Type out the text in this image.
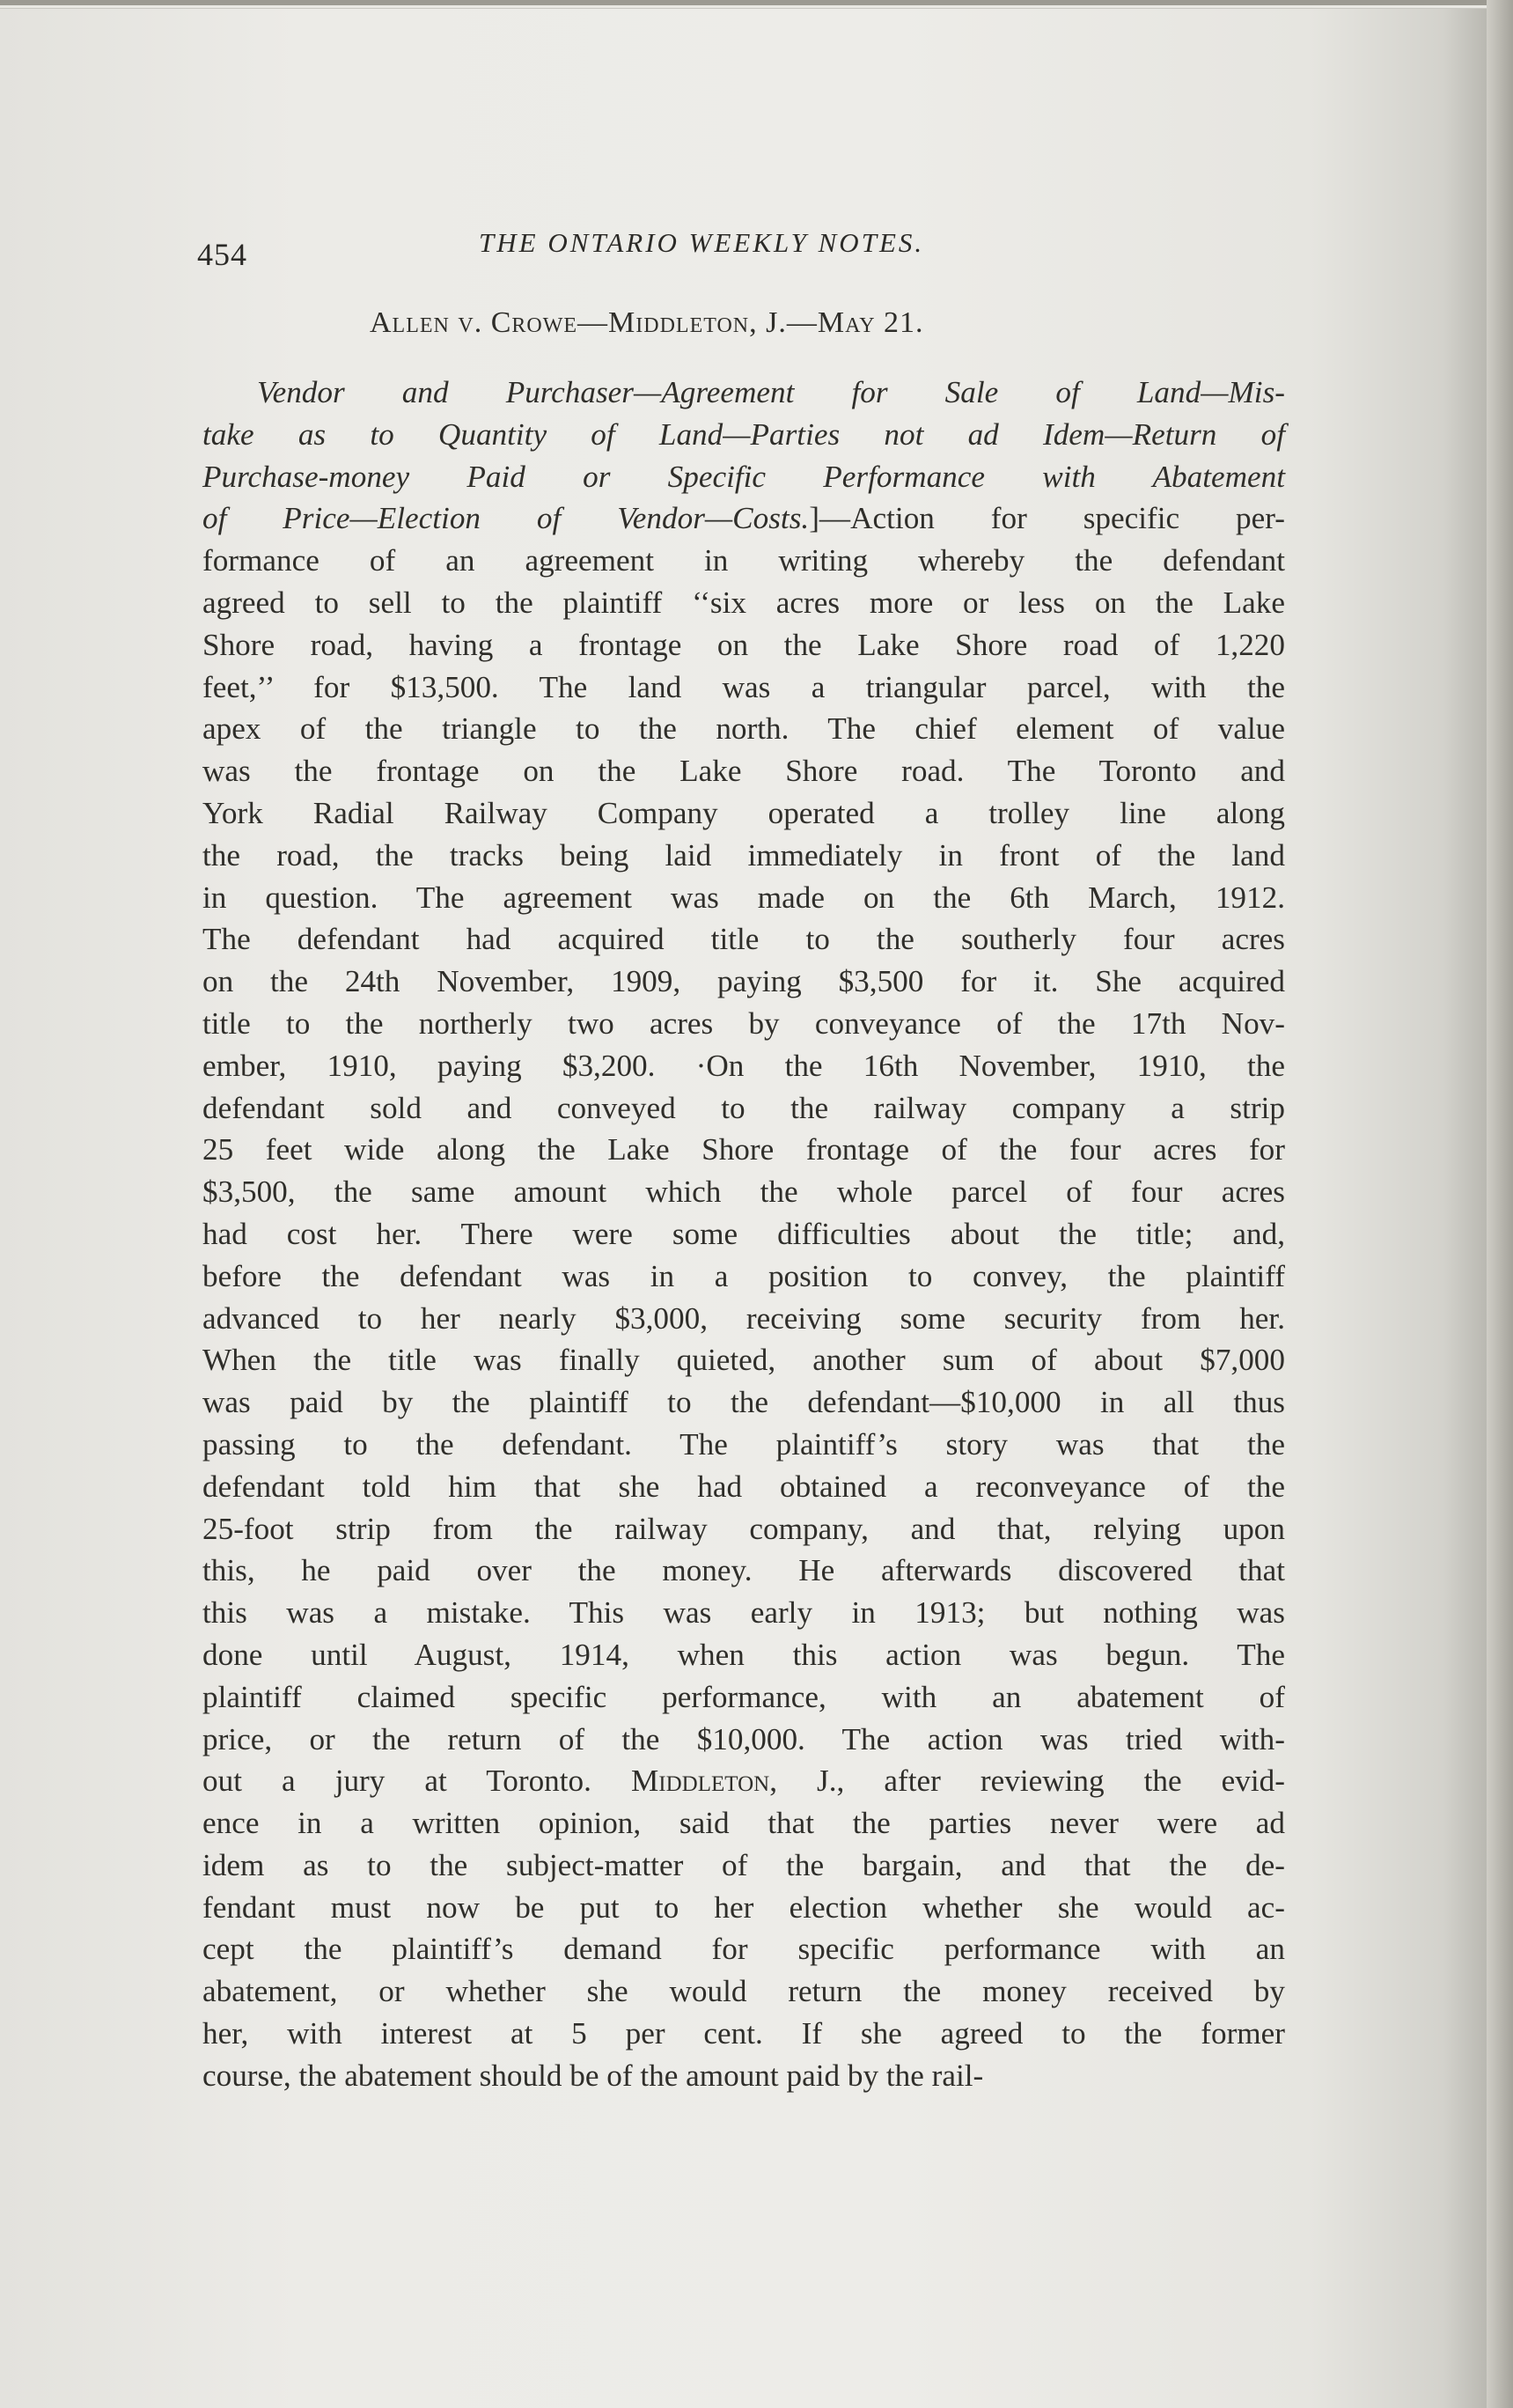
454	THE ONTARIO WEEKLY NOTES.
Allen v. Crowe—Middleton, J.—May 21.
Vendor and Purchaser—Agreement for Sale of Land—Mis-
take as to Quantity of Land—Parties not ad Idem—Return of
Purchase-money Paid or Specific Performance with Abatement
of Price—Election of Vendor—Costs.]—Action for specific per-
formance of an agreement in writing whereby the defendant
agreed to sell to the plaintiff ‘‘six acres more or less on the Lake
Shore road, having a frontage on the Lake Shore road of 1,220
feet,’’ for $13,500. The land was a triangular parcel, with the
apex of the triangle to the north. The chief element of value
was the frontage on the Lake Shore road. The Toronto and
York Radial Railway Company operated a trolley line along
the road, the tracks being laid immediately in front of the land
in question. The agreement was made on the 6th March, 1912.
The defendant had acquired title to the southerly four acres
on the 24th November, 1909, paying $3,500 for it. She acquired
title to the northerly two acres by conveyance of the 17th Nov-
ember, 1910, paying $3,200. ·On the 16th November, 1910, the
defendant sold and conveyed to the railway company a strip
25 feet wide along the Lake Shore frontage of the four acres for
$3,500, the same amount which the whole parcel of four acres
had cost her. There were some difficulties about the title; and,
before the defendant was in a position to convey, the plaintiff
advanced to her nearly $3,000, receiving some security from her.
When the title was finally quieted, another sum of about $7,000
was paid by the plaintiff to the defendant—$10,000 in all thus
passing to the defendant. The plaintiff’s story was that the
defendant told him that she had obtained a reconveyance of the
25-foot strip from the railway company, and that, relying upon
this, he paid over the money. He afterwards discovered that
this was a mistake. This was early in 1913; but nothing was
done until August, 1914, when this action was begun. The
plaintiff claimed specific performance, with an abatement of
price, or the return of the $10,000. The action was tried with-
out a jury at Toronto. Middleton, J., after reviewing the evid-
ence in a written opinion, said that the parties never were ad
idem as to the subject-matter of the bargain, and that the de-
fendant must now be put to her election whether she would ac-
cept the plaintiff’s demand for specific performance with an
abatement, or whether she would return the money received by
her, with interest at 5 per cent. If she agreed to the former
course, the abatement should be of the amount paid by the rail-
